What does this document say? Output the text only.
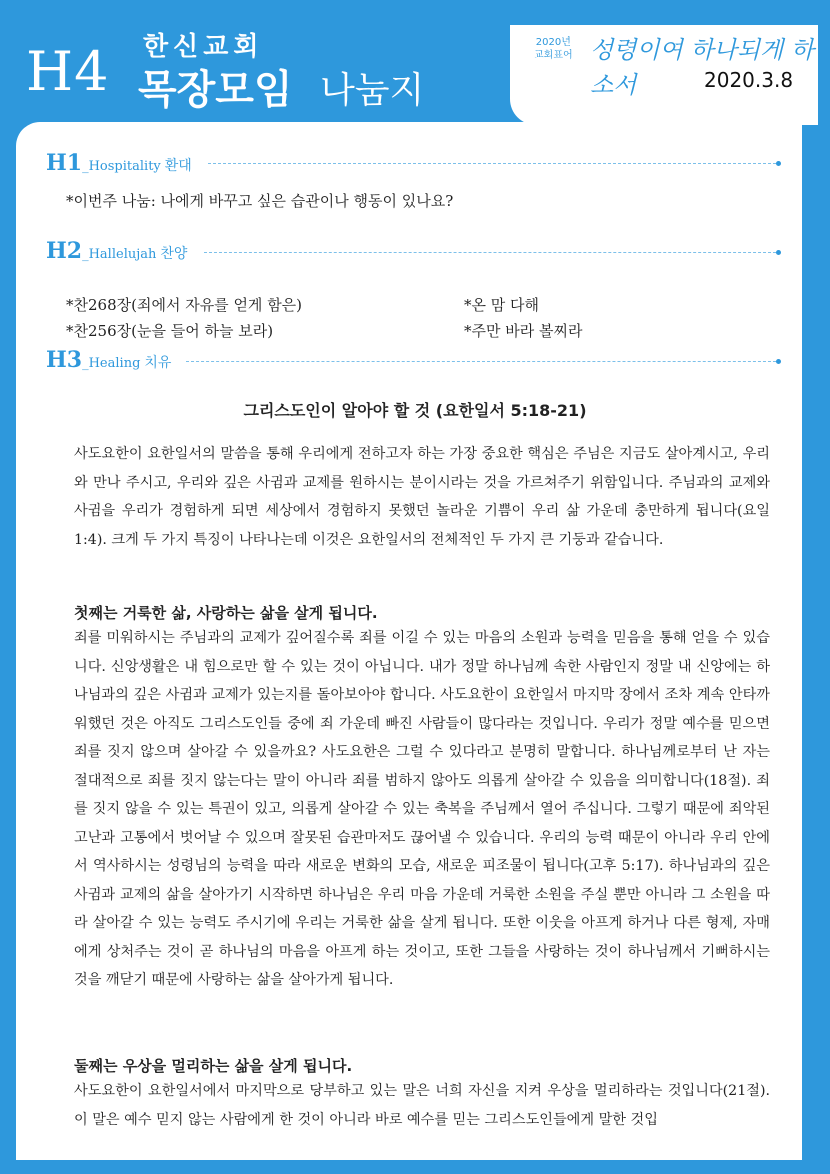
H4 한신교회
목장모임 나눔지
2020년
교회표어 성령이여 하나되게 하소서	2020.3.8
H1 _Hospitality 환대
*이번주 나눔: 나에게 바꾸고 싶은 습관이나 행동이 있나요?
H2 _Hallelujah 찬양
*찬268장(죄에서 자유를 얻게 함은)	*온 맘 다해
*찬256장(눈을 들어 하늘 보라)	*주만 바라 볼찌라
H3 _Healing 치유
그리스도인이 알아야 할 것 (요한일서 5:18-21)
사도요한이 요한일서의 말씀을 통해 우리에게 전하고자 하는 가장 중요한 핵심은 주님은 지금도 살아계시고, 우리와 만나 주시고, 우리와 깊은 사귐과 교제를 원하시는 분이시라는 것을 가르쳐주기 위함입니다. 주님과의 교제와 사귐을 우리가 경험하게 되면 세상에서 경험하지 못했던 놀라운 기쁨이 우리 삶 가운데 충만하게 됩니다(요일 1:4). 크게 두 가지 특징이 나타나는데 이것은 요한일서의 전체적인 두 가지 큰 기둥과 같습니다.
첫째는 거룩한 삶, 사랑하는 삶을 살게 됩니다.
죄를 미워하시는 주님과의 교제가 깊어질수록 죄를 이길 수 있는 마음의 소원과 능력을 믿음을 통해 얻을 수 있습니다. 신앙생활은 내 힘으로만 할 수 있는 것이 아닙니다. 내가 정말 하나님께 속한 사람인지 정말 내 신앙에는 하나님과의 깊은 사귐과 교제가 있는지를 돌아보아야 합니다. 사도요한이 요한일서 마지막 장에서 조차 계속 안타까워했던 것은 아직도 그리스도인들 중에 죄 가운데 빠진 사람들이 많다라는 것입니다. 우리가 정말 예수를 믿으면 죄를 짓지 않으며 살아갈 수 있을까요? 사도요한은 그럴 수 있다라고 분명히 말합니다. 하나님께로부터 난 자는 절대적으로 죄를 짓지 않는다는 말이 아니라 죄를 범하지 않아도 의롭게 살아갈 수 있음을 의미합니다(18절). 죄를 짓지 않을 수 있는 특권이 있고, 의롭게 살아갈 수 있는 축복을 주님께서 열어 주십니다. 그렇기 때문에 죄악된 고난과 고통에서 벗어날 수 있으며 잘못된 습관마저도 끊어낼 수 있습니다. 우리의 능력 때문이 아니라 우리 안에서 역사하시는 성령님의 능력을 따라 새로운 변화의 모습, 새로운 피조물이 됩니다(고후 5:17). 하나님과의 깊은 사귐과 교제의 삶을 살아가기 시작하면 하나님은 우리 마음 가운데 거룩한 소원을 주실 뿐만 아니라 그 소원을 따라 살아갈 수 있는 능력도 주시기에 우리는 거룩한 삶을 살게 됩니다. 또한 이웃을 아프게 하거나 다른 형제, 자매에게 상처주는 것이 곧 하나님의 마음을 아프게 하는 것이고, 또한 그들을 사랑하는 것이 하나님께서 기뻐하시는 것을 깨닫기 때문에 사랑하는 삶을 살아가게 됩니다.
둘째는 우상을 멀리하는 삶을 살게 됩니다.
사도요한이 요한일서에서 마지막으로 당부하고 있는 말은 너희 자신을 지켜 우상을 멀리하라는 것입니다(21절). 이 말은 예수 믿지 않는 사람에게 한 것이 아니라 바로 예수를 믿는 그리스도인들에게 말한 것입
